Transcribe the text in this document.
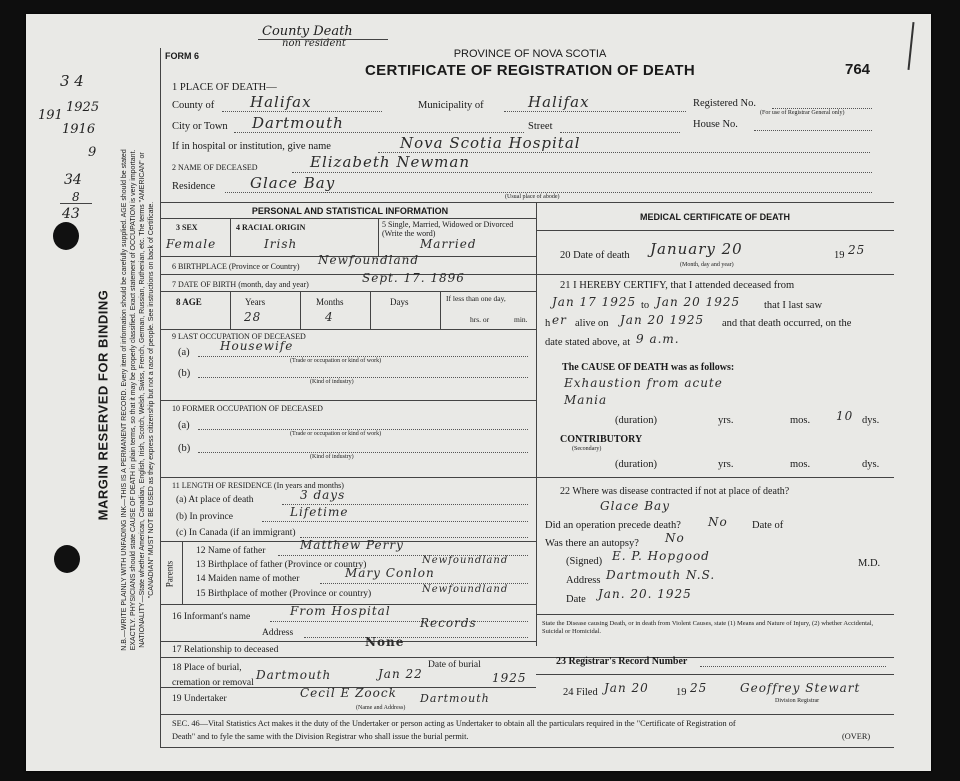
County Death
non resident
3 4
191
1925
1916
9
34
8
43
MARGIN RESERVED FOR BINDING N.B.—WRITE PLAINLY WITH UNFADING INK—THIS IS A PERMANENT RECORD. Every item of information should be carefully supplied. AGE should be stated EXACTLY. PHYSICIANS should state CAUSE OF DEATH in plain terms, so that it may be properly classified. Exact statement of OCCUPATION is very important. NATIONALITY—State whether American, Canadian, English, Irish, Scotch, Welsh, Swiss, French, German, Russian, Ruthenian, etc. The terms "AMERICAN" or "CANADIAN" MUST NOT BE USED as they express citizenship but not a race of people. See instructions on back of Certificate.
FORM 6	PROVINCE OF NOVA SCOTIA
CERTIFICATE OF REGISTRATION OF DEATH	764
1 PLACE OF DEATH—
County of Halifax	Municipality of	Halifax	Registered No.
(For use of Registrar General only)
City or Town Dartmouth	Street	House No.
If in hospital or institution, give name	Nova Scotia Hospital
2 NAME OF DECEASED	Elizabeth Newman
Residence Glace Bay
(Usual place of abode)
PERSONAL AND STATISTICAL INFORMATION
3 SEX	4 RACIAL ORIGIN	5 Single, Married, Widowed or Divorced (Write the word)
Female	Irish	Married
6 BIRTHPLACE (Province or Country) Newfoundland
7 DATE OF BIRTH (month, day and year)	Sept. 17. 1896
8 AGE	Years	Months	Days	If less than one day,
hrs. or	min.
28	4
9 LAST OCCUPATION OF DECEASED
(a)	Housewife
(Trade or occupation or kind of work)
(b)
(Kind of industry)
10 FORMER OCCUPATION OF DECEASED
(a)
(Trade or occupation or kind of work)
(b)
(Kind of industry)
11 LENGTH OF RESIDENCE (In years and months)
(a) At place of death	3 days
(b) In province	Lifetime
(c) In Canada (if an immigrant)
Parents
12 Name of father	Matthew Perry
13 Birthplace of father (Province or country)	Newfoundland
14 Maiden name of mother	Mary Conlon
15 Birthplace of mother (Province or country)	Newfoundland
16 Informant's name	From Hospital
Address
Records
17 Relationship to deceased
None
18 Place of burial, cremation or removal
Dartmouth
Date of burial
Jan 22	1925
19 Undertaker	Cecil E Zoock Dartmouth
(Name and Address)
MEDICAL CERTIFICATE OF DEATH
20 Date of death January 20	19 25
(Month, day and year)
21 I HEREBY CERTIFY, that I attended deceased from
Jan 17 1925 to Jan 20 1925 that I last saw
h er alive on Jan 20 1925 and that death occurred, on the
date stated above, at 9 a.m.
The CAUSE OF DEATH was as follows:
Exhaustion from acute
Mania
(duration)	yrs.	mos. 10 dys.
CONTRIBUTORY
(Secondary)
(duration)	yrs.	mos.	dys.
22 Where was disease contracted if not at place of death?
Glace Bay
Did an operation precede death? No Date of
Was there an autopsy? No
(Signed) E. P. Hopgood
M.D.
Address Dartmouth N.S.
Date Jan. 20. 1925
State the Disease causing Death, or in death from Violent Causes, state (1) Means and Nature of Injury, (2) whether Accidental, Suicidal or Homicidal.
23 Registrar's Record Number
24 Filed Jan 20	19 25	Geoffrey Stewart
Division Registrar
SEC. 46—Vital Statistics Act makes it the duty of the Undertaker or person acting as Undertaker to obtain all the particulars required in the "Certificate of Registration of
Death" and to fyle the same with the Division Registrar who shall issue the burial permit.	(OVER)
